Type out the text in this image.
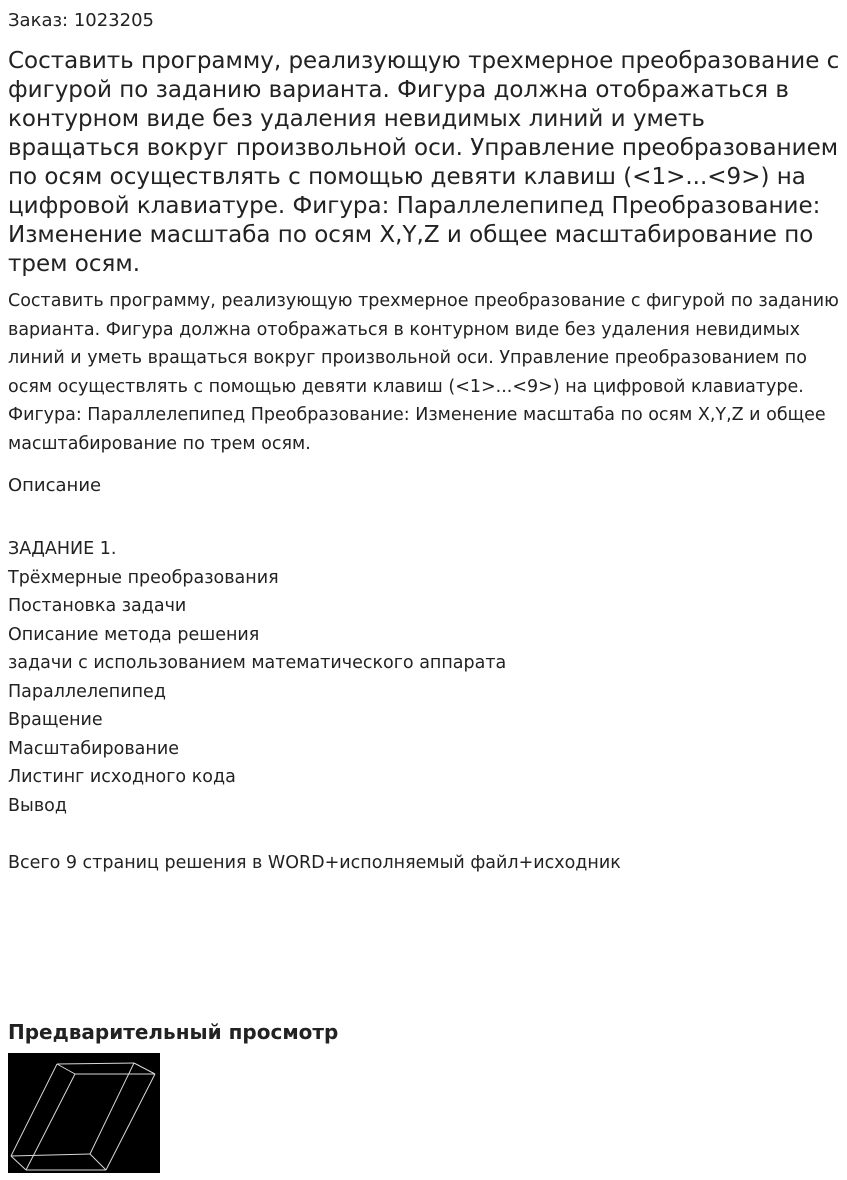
Заказ: 1023205
Составить программу, реализующую трехмерное преобразование с фигурой по заданию варианта. Фигура должна отображаться в контурном виде без удаления невидимых линий и уметь вращаться вокруг произвольной оси. Управление преобразованием по осям осуществлять с помощью девяти клавиш (<1>...<9>) на цифровой клавиатуре. Фигура: Параллелепипед Преобразование: Изменение масштаба по осям X,Y,Z и общее масштабирование по трем осям.
Составить программу, реализующую трехмерное преобразование с фигурой по заданию варианта. Фигура должна отображаться в контурном виде без удаления невидимых линий и уметь вращаться вокруг произвольной оси. Управление преобразованием по осям осуществлять с помощью девяти клавиш (<1>...<9>) на цифровой клавиатуре. Фигура: Параллелепипед Преобразование: Изменение масштаба по осям X,Y,Z и общее масштабирование по трем осям.
Описание
ЗАДАНИЕ 1.
Трёхмерные преобразования
Постановка задачи
Описание метода решения
задачи с использованием математического аппарата
Параллелепипед
Вращение
Масштабирование
Листинг исходного кода
Вывод
Всего 9 страниц решения в WORD+исполняемый файл+исходник
Предварительный просмотр
